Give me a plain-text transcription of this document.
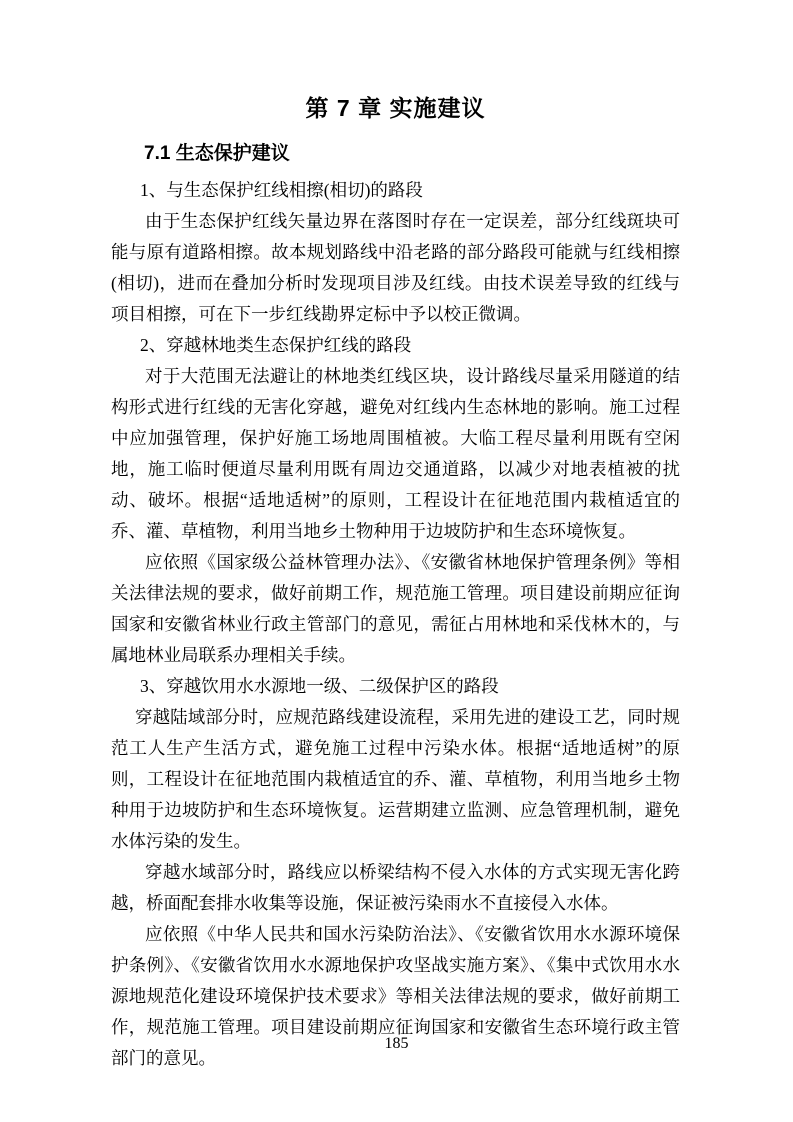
第 7 章 实施建议
7.1 生态保护建议

1、与生态保护红线相擦(相切)的路段

由于生态保护红线矢量边界在落图时存在一定误差，部分红线斑块可能与原有道路相擦。故本规划路线中沿老路的部分路段可能就与红线相擦(相切)，进而在叠加分析时发现项目涉及红线。由技术误差导致的红线与项目相擦，可在下一步红线勘界定标中予以校正微调。

2、穿越林地类生态保护红线的路段

对于大范围无法避让的林地类红线区块，设计路线尽量采用隧道的结构形式进行红线的无害化穿越，避免对红线内生态林地的影响。施工过程中应加强管理，保护好施工场地周围植被。大临工程尽量利用既有空闲地，施工临时便道尽量利用既有周边交通道路，以减少对地表植被的扰动、破坏。根据“适地适树”的原则，工程设计在征地范围内栽植适宜的乔、灌、草植物，利用当地乡土物种用于边坡防护和生态环境恢复。

应依照《国家级公益林管理办法》、《安徽省林地保护管理条例》等相关法律法规的要求，做好前期工作，规范施工管理。项目建设前期应征询国家和安徽省林业行政主管部门的意见，需征占用林地和采伐林木的，与属地林业局联系办理相关手续。

3、穿越饮用水水源地一级、二级保护区的路段

穿越陆域部分时，应规范路线建设流程，采用先进的建设工艺，同时规范工人生产生活方式，避免施工过程中污染水体。根据“适地适树”的原则，工程设计在征地范围内栽植适宜的乔、灌、草植物，利用当地乡土物种用于边坡防护和生态环境恢复。运营期建立监测、应急管理机制，避免水体污染的发生。

穿越水域部分时，路线应以桥梁结构不侵入水体的方式实现无害化跨越，桥面配套排水收集等设施，保证被污染雨水不直接侵入水体。

应依照《中华人民共和国水污染防治法》、《安徽省饮用水水源环境保护条例》、《安徽省饮用水水源地保护攻坚战实施方案》、《集中式饮用水水源地规范化建设环境保护技术要求》等相关法律法规的要求，做好前期工作，规范施工管理。项目建设前期应征询国家和安徽省生态环境行政主管部门的意见。

185
